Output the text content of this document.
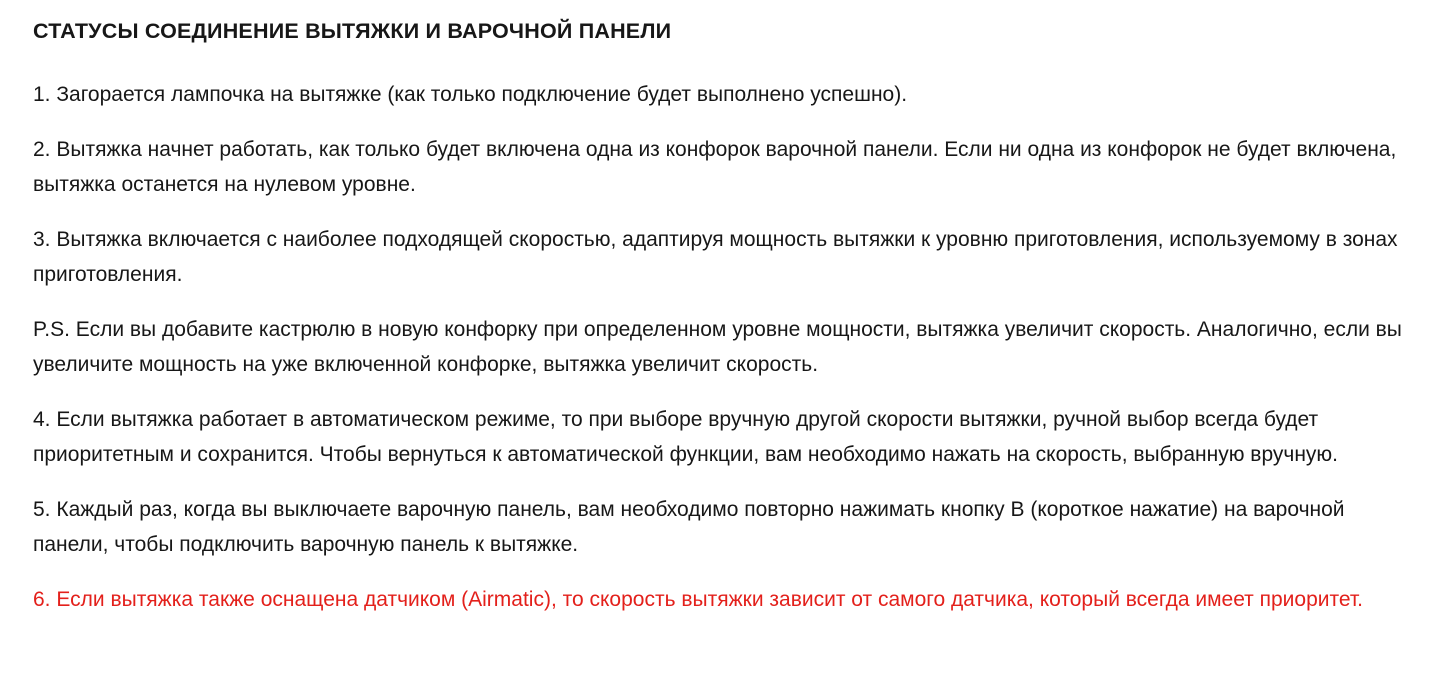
СТАТУСЫ СОЕДИНЕНИЕ ВЫТЯЖКИ И ВАРОЧНОЙ ПАНЕЛИ

1. Загорается лампочка на вытяжке (как только подключение будет выполнено успешно).

2. Вытяжка начнет работать, как только будет включена одна из конфорок варочной панели. Если ни одна из конфорок не будет включена, вытяжка останется на нулевом уровне.

3. Вытяжка включается с наиболее подходящей скоростью, адаптируя мощность вытяжки к уровню приготовления, используемому в зонах приготовления.

P.S. Если вы добавите кастрюлю в новую конфорку при определенном уровне мощности, вытяжка увеличит скорость. Аналогично, если вы увеличите мощность на уже включенной конфорке, вытяжка увеличит скорость.

4. Если вытяжка работает в автоматическом режиме, то при выборе вручную другой скорости вытяжки, ручной выбор всегда будет приоритетным и сохранится. Чтобы вернуться к автоматической функции, вам необходимо нажать на скорость, выбранную вручную.

5. Каждый раз, когда вы выключаете варочную панель, вам необходимо повторно нажимать кнопку B (короткое нажатие) на варочной панели, чтобы подключить варочную панель к вытяжке.

6. Если вытяжка также оснащена датчиком (Airmatic), то скорость вытяжки зависит от самого датчика, который всегда имеет приоритет.
